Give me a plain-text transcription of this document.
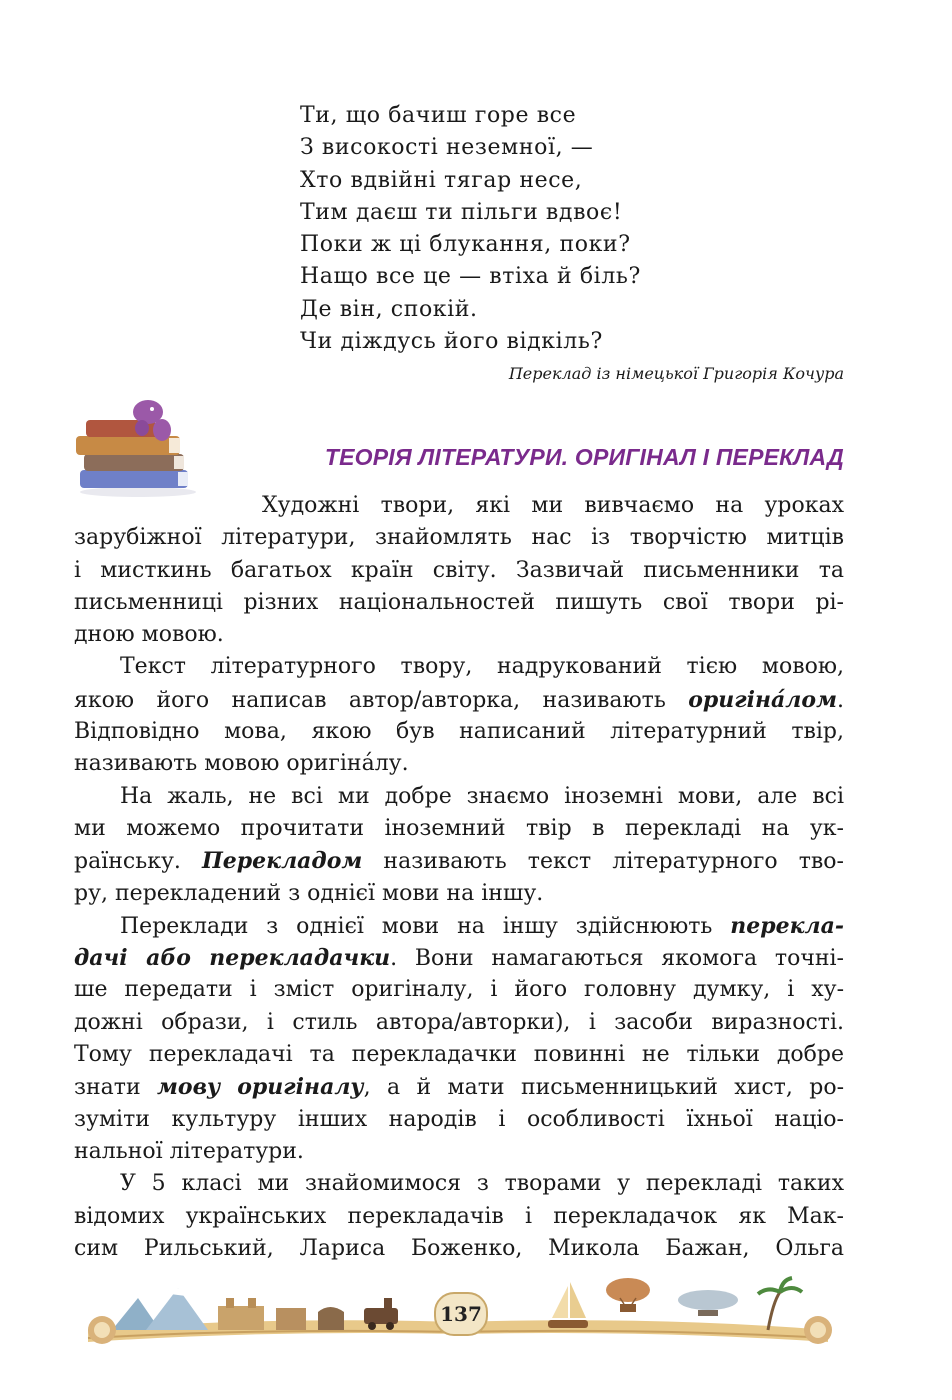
Ти, що бачиш горе все
З високості неземної, —
Хто вдвійні тягар несе,
Тим даєш ти пільги вдвоє!
Поки ж ці блукання, поки?
Нащо все це — втіха й біль?
Де він, спокій.
Чи діждусь його відкіль?
Переклад із німецької Григорія Кочура
ТЕОРІЯ ЛІТЕРАТУРИ. ОРИГІНАЛ І ПЕРЕКЛАД
Художні твори, які ми вивчаємо на уроках
зарубіжної літератури, знайомлять нас із творчістю митців
і мисткинь багатьох країн світу. Зазвичай письменники та
письменниці різних національностей пишуть свої твори рі-
дною мовою.
Текст літературного твору, надрукований тією мовою,
якою його написав автор/авторка, називають оригіна́лом.
Відповідно мова, якою був написаний літературний твір,
називають мовою оригіна́лу.
На жаль, не всі ми добре знаємо іноземні мови, але всі
ми можемо прочитати іноземний твір в перекладі на ук-
раїнську. Перекладом називають текст літературного тво-
ру, перекладений з однієї мови на іншу.
Переклади з однієї мови на іншу здійснюють перекла-
дачі або перекладачки. Вони намагаються якомога точні-
ше передати і зміст оригіналу, і його головну думку, і ху-
дожні образи, і стиль автора/авторки), і засоби виразності.
Тому перекладачі та перекладачки повинні не тільки добре
знати мову оригіналу, а й мати письменницький хист, ро-
зуміти культуру інших народів і особливості їхньої націо-
нальної літератури.
У 5 класі ми знайомимося з творами у перекладі таких
відомих українських перекладачів і перекладачок як Мак-
сим Рильський, Лариса Боженко, Микола Бажан, Ольга
137
